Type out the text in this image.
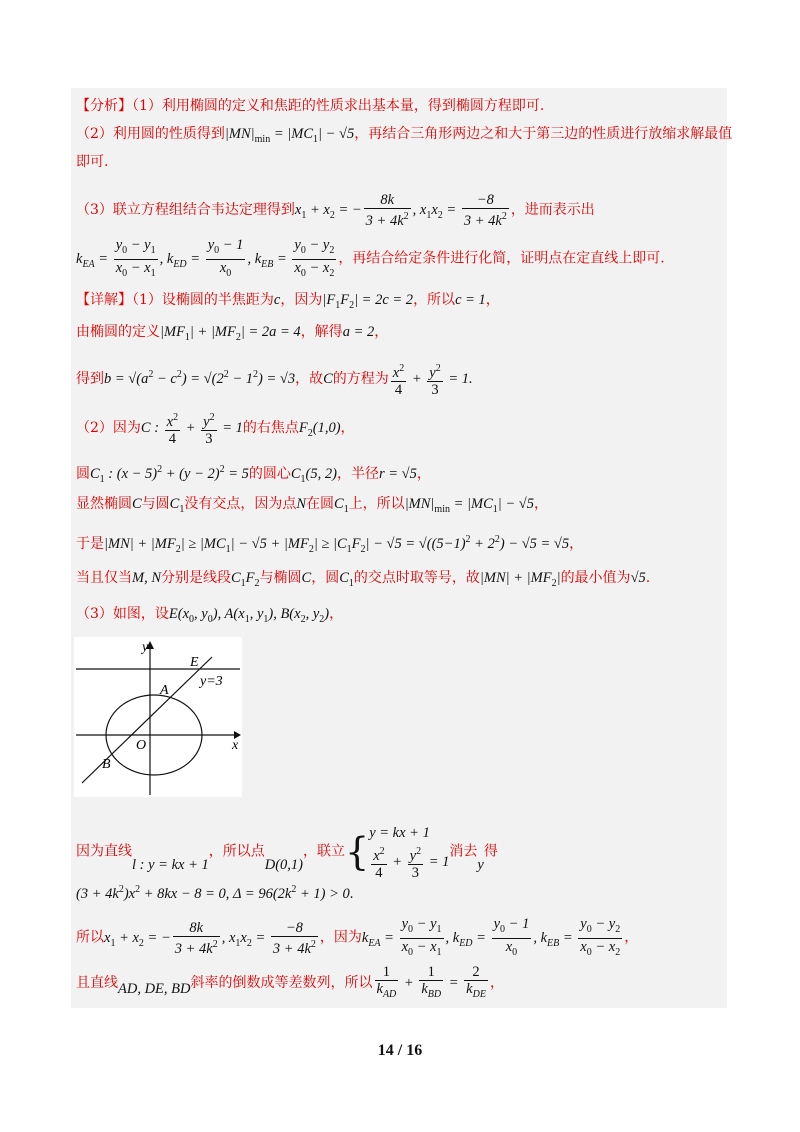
【分析】（1）利用椭圆的定义和焦距的性质求出基本量，得到椭圆方程即可.
（2）利用圆的性质得到$|MN|_{min} = |MC_1| - √5$，再结合三角形两边之和大于第三边的性质进行放缩求解最值
即可.
（3）联立方程组结合韦达定理得到$x_1 + x_2$ = − $\frac{8k}{3 + 4k^2}$ , $x_1x_2 = \frac{-8}{3 + 4k^2}$ ，进而表示出
$k_{EA} = \frac{y_0 - y_1}{x_0 - x_1}$ , $k_{ED} = \frac{y_0 - 1}{x_0}$ , $k_{EB} = \frac{y_0 - y_2}{x_0 - x_2}$ ，再结合给定条件进行化简，证明点在定直线上即可.
【详解】（1）设椭圆的半焦距为c，因为$|F_1F_2| = 2c = 2$，所以c = 1，
由椭圆的定义$|MF_1| + |MF_2| = 2a = 4$，解得a = 2，
得到$b = √(a^2 - c^2) = √(2^2 - 1^2) = √3$，故C的方程为 $\frac{x^2}{4} + \frac{y^2}{3} = 1$.
（2）因为C : $\frac{x^2}{4} + \frac{y^2}{3} = 1$的右焦点$F_2(1,0)$，
圆$C_1$ : $(x - 5)^2 + (y - 2)^2 = 5$的圆心$C_1(5$, 2)，半径r = √5，
显然椭圆C与圆$C_1$没有交点，因为点N在圆$C_1$上，所以$|MN|_{min} = |MC_1| - √5$，
于是$|MN| + |MF_2| \ge |MC_1| - √5 + |MF_2| \ge |C_1F_2| - √5 = √((5-1)^2 + 2^2) - √5 = √5$，
当且仅当M, N分别是线段$C_1F_2$与椭圆C，圆$C_1$的交点时取等号，故$|MN| + |MF_2|$的最小值为√5.
（3）如图，设$E(x_0$, $y_0$), $A(x_1$, $y_1$), $B(x_2$, $y_2$)，
y
x
O
A
B
E
y=3
因为直线l : y = kx + 1，所以点D(0,1)，联立{ y = kx + 1
$\frac{x^2}{4} + \frac{y^2}{3} = 1$
消去y得
$(3 + 4k^2)x^2 + 8kx - 8 = 0$, $\Delta = 96(2k^2 + 1) > 0$.
所以$x_1 + x_2$ = − $\frac{8k}{3 + 4k^2}$ , $x_1x_2 = \frac{-8}{3 + 4k^2}$ ，因为$k_{EA} = \frac{y_0 - y_1}{x_0 - x_1}$ , $k_{ED} = \frac{y_0 - 1}{x_0}$ , $k_{EB} = \frac{y_0 - y_2}{x_0 - x_2}$ ，
且直线AD, DE, BD斜率的倒数成等差数列，所以 $\frac{1}{k_{AD}} + \frac{1}{k_{BD}} = \frac{2}{k_{DE}}$ ，
14 / 16
